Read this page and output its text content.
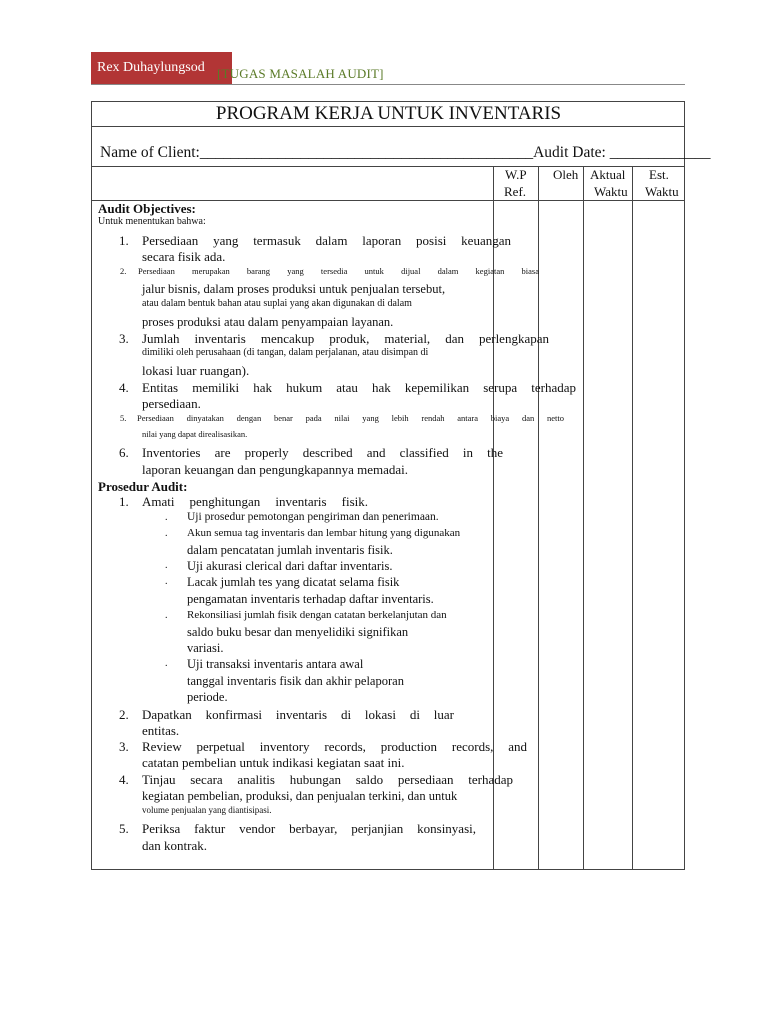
Rex Duhaylungsod [TUGAS MASALAH AUDIT]
PROGRAM KERJA UNTUK INVENTARIS
Name of Client:___________________________________________Audit Date: _____________
W.P
Ref.
Oleh Aktual
Waktu
Est.
Waktu
Audit Objectives:
Untuk menentukan bahwa:
1. Persediaan yang termasuk dalam laporan posisi keuangan
secara fisik ada.
2. Persediaan merupakan barang yang tersedia untuk dijual dalam kegiatan biasa
jalur bisnis, dalam proses produksi untuk penjualan tersebut,
atau dalam bentuk bahan atau suplai yang akan digunakan di dalam
proses produksi atau dalam penyampaian layanan.
3. Jumlah inventaris mencakup produk, material, dan perlengkapan
dimiliki oleh perusahaan (di tangan, dalam perjalanan, atau disimpan di
lokasi luar ruangan).
4. Entitas memiliki hak hukum atau hak kepemilikan serupa terhadap
persediaan.
5. Persediaan dinyatakan dengan benar pada nilai yang lebih rendah antara biaya dan netto
nilai yang dapat direalisasikan.
6. Inventories are properly described and classified in the
laporan keuangan dan pengungkapannya memadai.
Prosedur Audit:
1. Amati penghitungan inventaris fisik.
. Uji prosedur pemotongan pengiriman dan penerimaan.
. Akun semua tag inventaris dan lembar hitung yang digunakan
dalam pencatatan jumlah inventaris fisik.
. Uji akurasi clerical dari daftar inventaris.
. Lacak jumlah tes yang dicatat selama fisik
pengamatan inventaris terhadap daftar inventaris.
. Rekonsiliasi jumlah fisik dengan catatan berkelanjutan dan
saldo buku besar dan menyelidiki signifikan
variasi.
. Uji transaksi inventaris antara awal
tanggal inventaris fisik dan akhir pelaporan
periode.
2. Dapatkan konfirmasi inventaris di lokasi di luar
entitas.
3. Review perpetual inventory records, production records, and
catatan pembelian untuk indikasi kegiatan saat ini.
4. Tinjau secara analitis hubungan saldo persediaan terhadap
kegiatan pembelian, produksi, dan penjualan terkini, dan untuk
volume penjualan yang diantisipasi.
5. Periksa faktur vendor berbayar, perjanjian konsinyasi,
dan kontrak.
